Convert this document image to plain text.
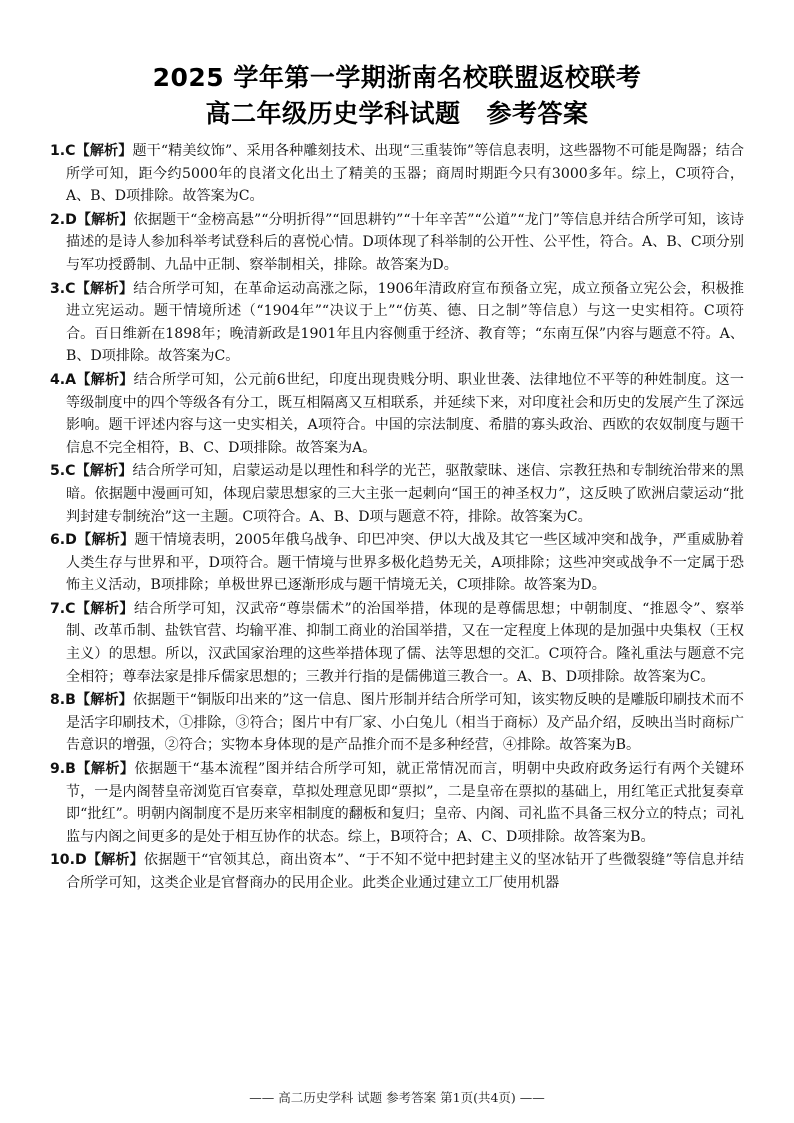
2025 学年第一学期浙南名校联盟返校联考
高二年级历史学科试题 参考答案

1.C【解析】题干“精美纹饰”、采用各种雕刻技术、出现“三重装饰”等信息表明，这些器物不可能是陶器；结合所学可知，距今约5000年的良渚文化出土了精美的玉器；商周时期距今只有3000多年。综上，C项符合，A、B、D项排除。故答案为C。

2.D【解析】依据题干“金榜高悬”“分明折得”“回思耕钓”“十年辛苦”“公道”“龙门”等信息并结合所学可知，该诗描述的是诗人参加科举考试登科后的喜悦心情。D项体现了科举制的公开性、公平性，符合。A、B、C项分别与军功授爵制、九品中正制、察举制相关，排除。故答案为D。

3.C【解析】结合所学可知，在革命运动高涨之际，1906年清政府宣布预备立宪，成立预备立宪公会，积极推进立宪运动。题干情境所述（“1904年”“决议于上”“仿英、德、日之制”等信息）与这一史实相符。C项符合。百日维新在1898年；晚清新政是1901年且内容侧重于经济、教育等；“东南互保”内容与题意不符。A、B、D项排除。故答案为C。

4.A【解析】结合所学可知，公元前6世纪，印度出现贵贱分明、职业世袭、法律地位不平等的种姓制度。这一等级制度中的四个等级各有分工，既互相隔离又互相联系，并延续下来，对印度社会和历史的发展产生了深远影响。题干评述内容与这一史实相关，A项符合。中国的宗法制度、希腊的寡头政治、西欧的农奴制度与题干信息不完全相符，B、C、D项排除。故答案为A。

5.C【解析】结合所学可知，启蒙运动是以理性和科学的光芒，驱散蒙昧、迷信、宗教狂热和专制统治带来的黑暗。依据题中漫画可知，体现启蒙思想家的三大主张一起刺向“国王的神圣权力”，这反映了欧洲启蒙运动“批判封建专制统治”这一主题。C项符合。A、B、D项与题意不符，排除。故答案为C。

6.D【解析】题干情境表明，2005年俄乌战争、印巴冲突、伊以大战及其它一些区域冲突和战争，严重威胁着人类生存与世界和平，D项符合。题干情境与世界多极化趋势无关，A项排除；这些冲突或战争不一定属于恐怖主义活动，B项排除；单极世界已逐渐形成与题干情境无关，C项排除。故答案为D。

7.C【解析】结合所学可知，汉武帝“尊崇儒术”的治国举措，体现的是尊儒思想；中朝制度、“推恩令”、察举制、改革币制、盐铁官营、均输平准、抑制工商业的治国举措，又在一定程度上体现的是加强中央集权（王权主义）的思想。所以，汉武国家治理的这些举措体现了儒、法等思想的交汇。C项符合。隆礼重法与题意不完全相符；尊奉法家是排斥儒家思想的；三教并行指的是儒佛道三教合一。A、B、D项排除。故答案为C。

8.B【解析】依据题干“铜版印出来的”这一信息、图片形制并结合所学可知，该实物反映的是雕版印刷技术而不是活字印刷技术，①排除，③符合；图片中有厂家、小白兔儿（相当于商标）及产品介绍，反映出当时商标广告意识的增强，②符合；实物本身体现的是产品推介而不是多种经营，④排除。故答案为B。

9.B【解析】依据题干“基本流程”图并结合所学可知，就正常情况而言，明朝中央政府政务运行有两个关键环节，一是内阁替皇帝浏览百官奏章，草拟处理意见即“票拟”，二是皇帝在票拟的基础上，用红笔正式批复奏章即“批红”。明朝内阁制度不是历来宰相制度的翻板和复归；皇帝、内阁、司礼监不具备三权分立的特点；司礼监与内阁之间更多的是处于相互协作的状态。综上，B项符合；A、C、D项排除。故答案为B。

10.D【解析】依据题干“官领其总，商出资本”、“于不知不觉中把封建主义的坚冰钻开了些微裂缝”等信息并结合所学可知，这类企业是官督商办的民用企业。此类企业通过建立工厂使用机器

—— 高二历史学科 试题 参考答案 第1页(共4页) ——
